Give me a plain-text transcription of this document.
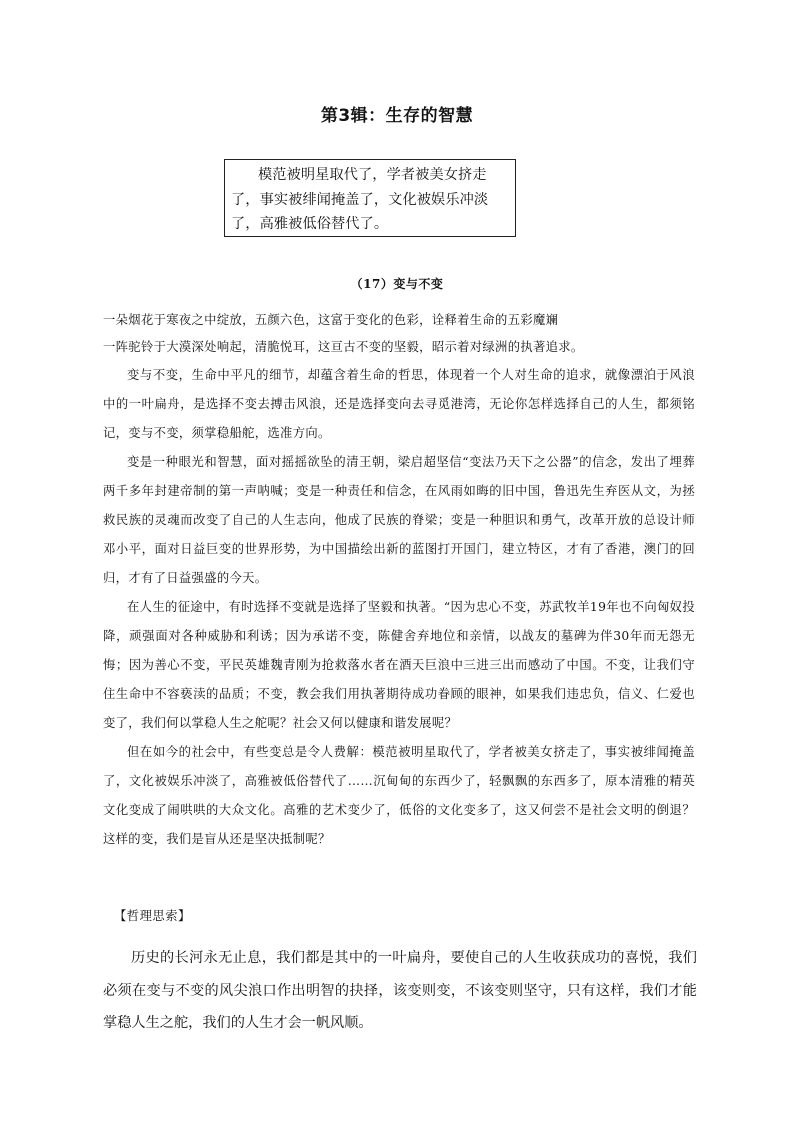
第3辑：生存的智慧
模范被明星取代了，学者被美女挤走了，事实被绯闻掩盖了，文化被娱乐冲淡了，高雅被低俗替代了。
（17）变与不变

一朵烟花于寒夜之中绽放，五颜六色，这富于变化的色彩，诠释着生命的五彩魔斓

一阵驼铃于大漠深处响起，清脆悦耳，这亘古不变的坚毅，昭示着对绿洲的执著追求。

变与不变，生命中平凡的细节，却蕴含着生命的哲思，体现着一个人对生命的追求，就像漂泊于风浪中的一叶扁舟，是选择不变去搏击风浪，还是选择变向去寻觅港湾，无论你怎样选择自己的人生，都须铭记，变与不变，须掌稳船舵，选准方向。

变是一种眼光和智慧，面对摇摇欲坠的清王朝，梁启超坚信“变法乃天下之公器”的信念，发出了埋葬两千多年封建帝制的第一声呐喊；变是一种责任和信念，在风雨如晦的旧中国，鲁迅先生弃医从文，为拯救民族的灵魂而改变了自己的人生志向，他成了民族的脊梁；变是一种胆识和勇气，改革开放的总设计师邓小平，面对日益巨变的世界形势，为中国描绘出新的蓝图打开国门，建立特区，才有了香港，澳门的回归，才有了日益强盛的今天。

在人生的征途中，有时选择不变就是选择了坚毅和执著。“因为忠心不变，苏武牧羊19年也不向匈奴投降，顽强面对各种威胁和利诱；因为承诺不变，陈健舍弃地位和亲情，以战友的墓碑为伴30年而无怨无悔；因为善心不变，平民英雄魏青刚为抢救落水者在酒天巨浪中三进三出而感动了中国。不变，让我们守住生命中不容亵渎的品质；不变，教会我们用执著期待成功眷顾的眼神，如果我们违忠负，信义、仁爱也变了，我们何以掌稳人生之舵呢？社会又何以健康和谐发展呢？

但在如今的社会中，有些变总是令人费解：模范被明星取代了，学者被美女挤走了，事实被绯闻掩盖了，文化被娱乐冲淡了，高雅被低俗替代了……沉甸甸的东西少了，轻飘飘的东西多了，原本清雅的精英文化变成了闹哄哄的大众文化。高雅的艺术变少了，低俗的文化变多了，这又何尝不是社会文明的倒退？这样的变，我们是盲从还是坚决抵制呢？

【哲理思索】

历史的长河永无止息，我们都是其中的一叶扁舟，要使自己的人生收获成功的喜悦，我们必须在变与不变的风尖浪口作出明智的抉择，该变则变，不该变则坚守，只有这样，我们才能掌稳人生之舵，我们的人生才会一帆风顺。
